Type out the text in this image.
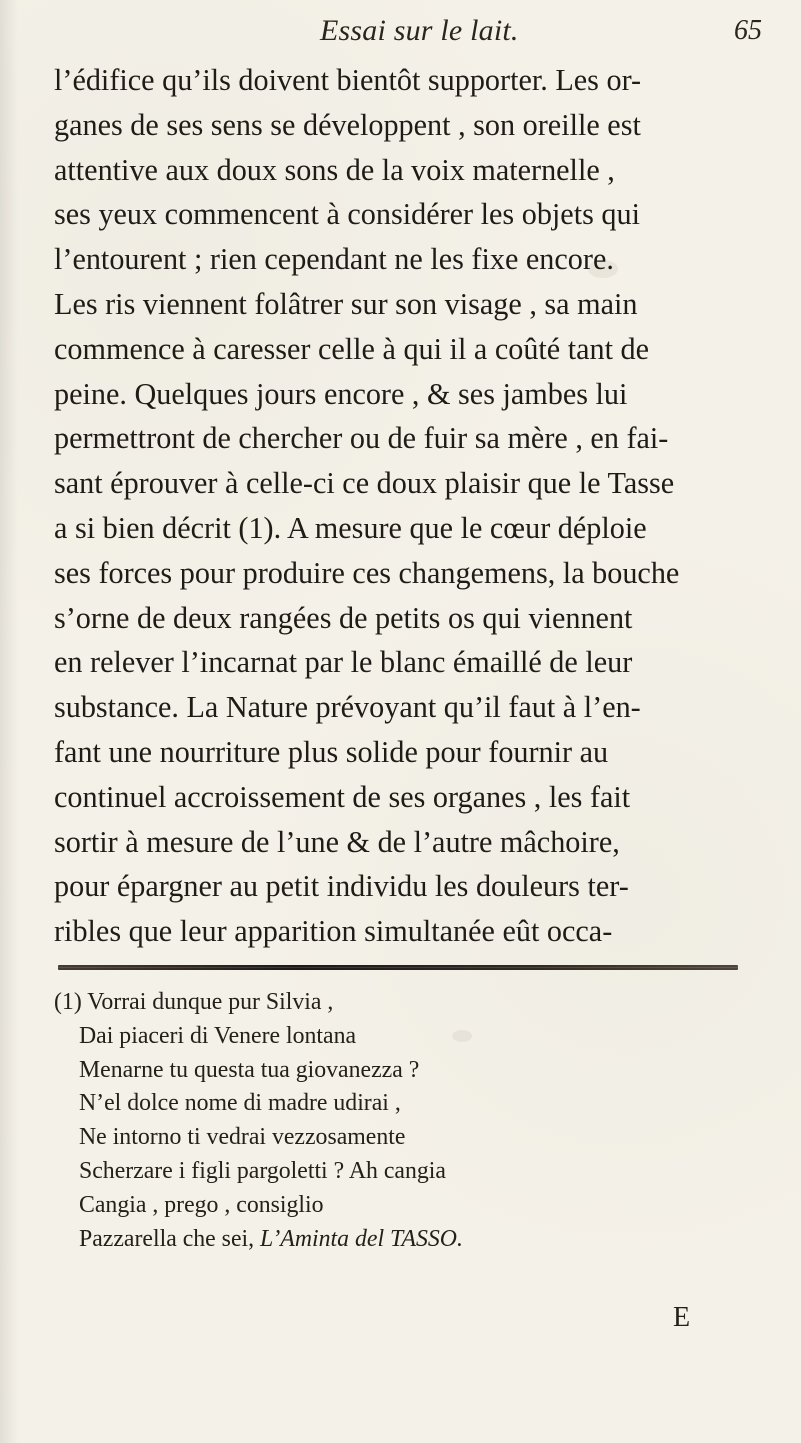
Essai sur le lait.	65
l’édifice qu’ils doivent bientôt supporter. Les or-
ganes de ses sens se développent , son oreille est
attentive aux doux sons de la voix maternelle ,
ses yeux commencent à considérer les objets qui
l’entourent ; rien cependant ne les fixe encore.
Les ris viennent folâtrer sur son visage , sa main
commence à caresser celle à qui il a coûté tant de
peine. Quelques jours encore , & ses jambes lui
permettront de chercher ou de fuir sa mère , en fai-
sant éprouver à celle-ci ce doux plaisir que le Tasse
a si bien décrit (1). A mesure que le cœur déploie
ses forces pour produire ces changemens, la bouche
s’orne de deux rangées de petits os qui viennent
en relever l’incarnat par le blanc émaillé de leur
substance. La Nature prévoyant qu’il faut à l’en-
fant une nourriture plus solide pour fournir au
continuel accroissement de ses organes , les fait
sortir à mesure de l’une & de l’autre mâchoire,
pour épargner au petit individu les douleurs ter-
ribles que leur apparition simultanée eût occa-
(1) Vorrai dunque pur Silvia ,
Dai piaceri di Venere lontana
Menarne tu questa tua giovanezza ?
N’el dolce nome di madre udirai ,
Ne intorno ti vedrai vezzosamente
Scherzare i figli pargoletti ? Ah cangia
Cangia , prego , consiglio
Pazzarella che sei, L’Aminta del TASSO.
E
